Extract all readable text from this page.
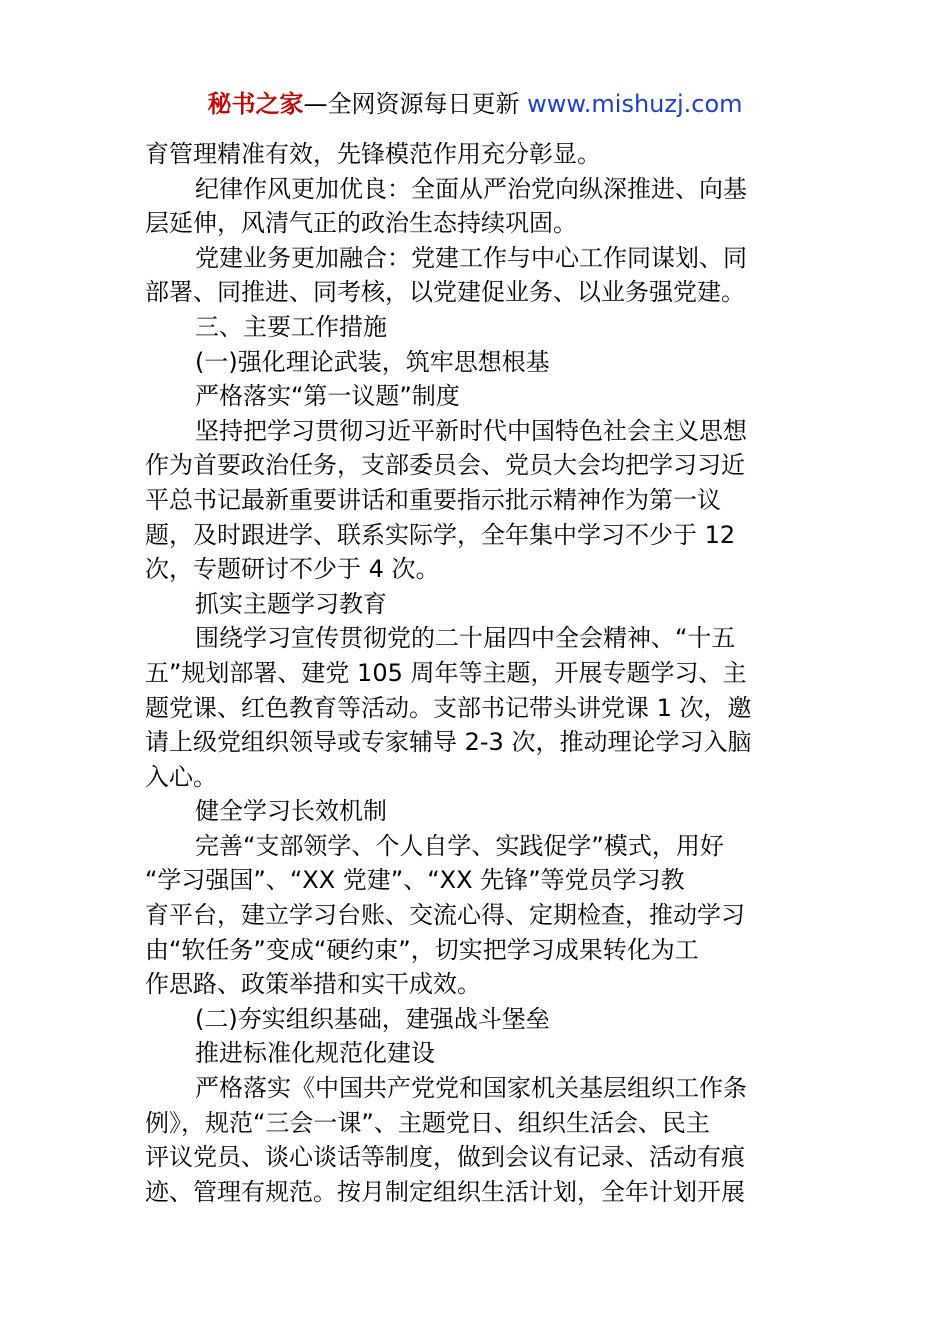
秘书之家—全网资源每日更新 www.mishuzj.com
育管理精准有效，先锋模范作用充分彰显。
纪律作风更加优良：全面从严治党向纵深推进、向基
层延伸，风清气正的政治生态持续巩固。
党建业务更加融合：党建工作与中心工作同谋划、同
部署、同推进、同考核，以党建促业务、以业务强党建。
三、主要工作措施
(一)强化理论武装，筑牢思想根基
严格落实“第一议题”制度
坚持把学习贯彻习近平新时代中国特色社会主义思想
作为首要政治任务，支部委员会、党员大会均把学习习近
平总书记最新重要讲话和重要指示批示精神作为第一议
题，及时跟进学、联系实际学，全年集中学习不少于 12
次，专题研讨不少于 4 次。
抓实主题学习教育
围绕学习宣传贯彻党的二十届四中全会精神、“十五
五”规划部署、建党 105 周年等主题，开展专题学习、主
题党课、红色教育等活动。支部书记带头讲党课 1 次，邀
请上级党组织领导或专家辅导 2-3 次，推动理论学习入脑
入心。
健全学习长效机制
完善“支部领学、个人自学、实践促学”模式，用好
“学习强国”、“XX 党建”、“XX 先锋”等党员学习教
育平台，建立学习台账、交流心得、定期检查，推动学习
由“软任务”变成“硬约束”，切实把学习成果转化为工
作思路、政策举措和实干成效。
(二)夯实组织基础，建强战斗堡垒
推进标准化规范化建设
严格落实《中国共产党党和国家机关基层组织工作条
例》，规范“三会一课”、主题党日、组织生活会、民主
评议党员、谈心谈话等制度，做到会议有记录、活动有痕
迹、管理有规范。按月制定组织生活计划，全年计划开展
